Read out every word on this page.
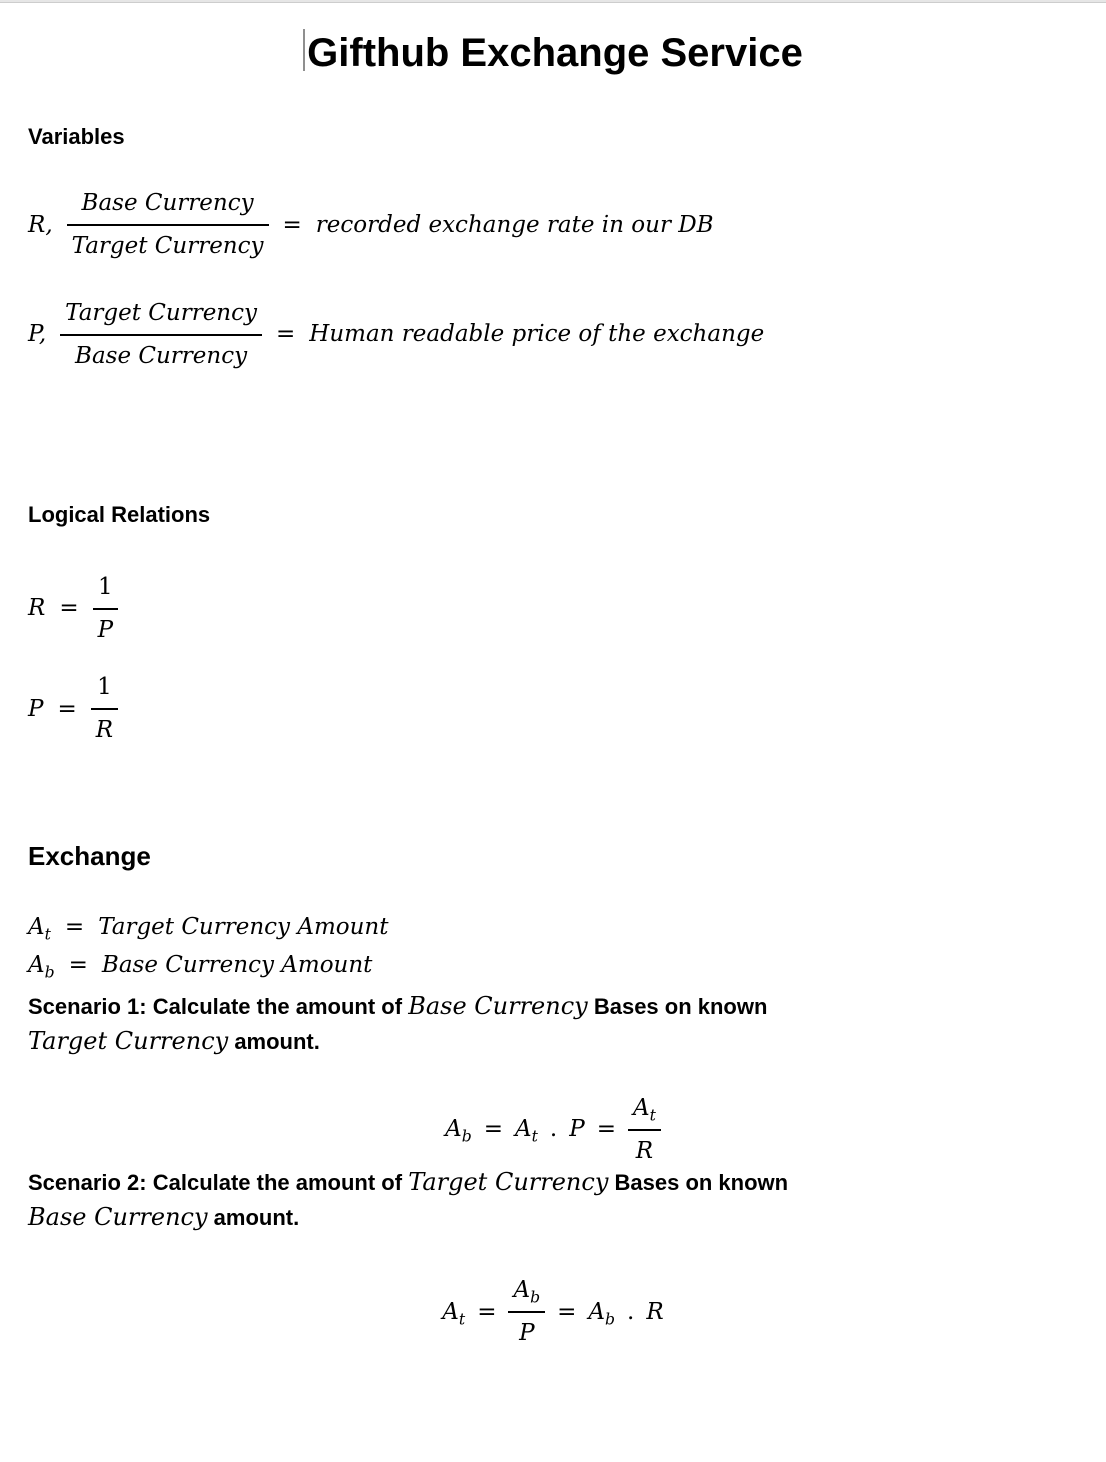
Gifthub Exchange Service
Variables
R, $\frac{\text{Base Currency}}{\text{Target Currency}}$ = recorded exchange rate in our DB
P, $\frac{\text{Target Currency}}{\text{Base Currency}}$ = Human readable price of the exchange
Logical Relations
$R = \frac{1}{P}$
$P = \frac{1}{R}$
Exchange
$A_t$ = Target Currency Amount
$A_b$ = Base Currency Amount

Scenario 1: Calculate the amount of Base Currency Bases on known
Target Currency amount.

$A_b = A_t$ . $P = \frac{A_t}{R}$

Scenario 2: Calculate the amount of Target Currency Bases on known
Base Currency amount.

$A_t = \frac{A_b}{P} = A_b$ . R
